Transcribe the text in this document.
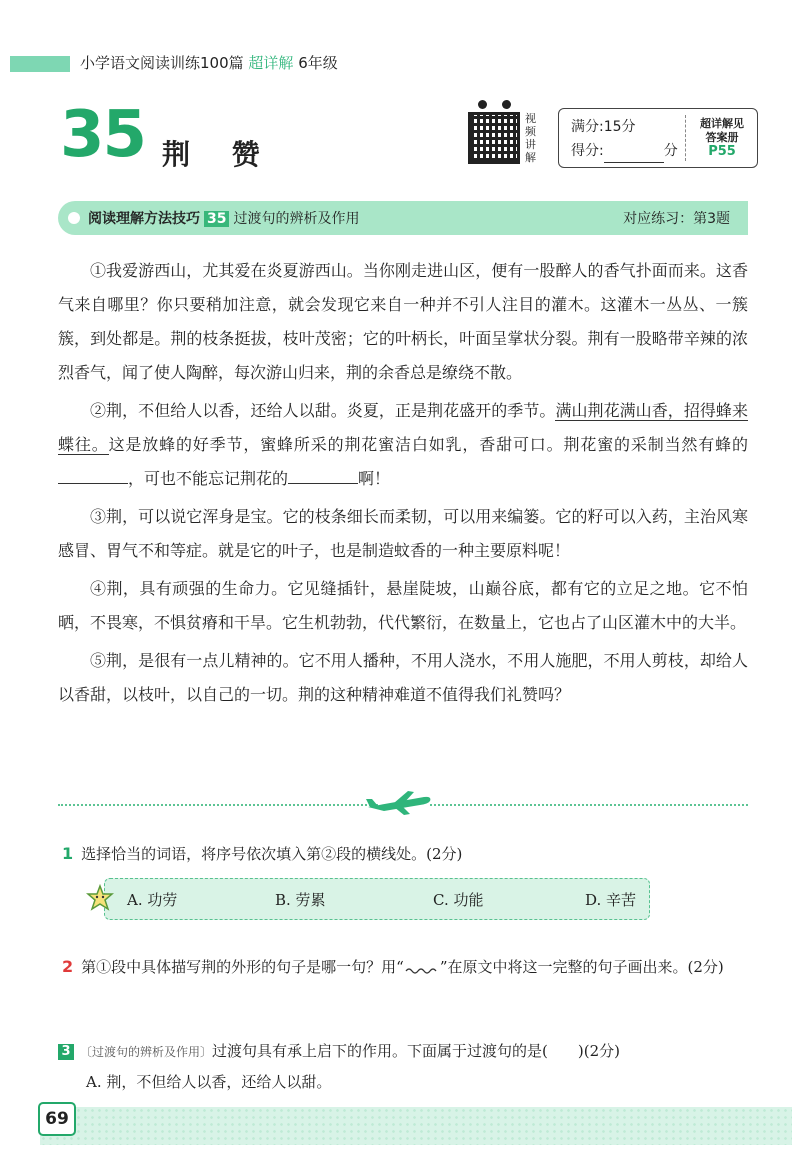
小学语文阅读训练100篇 超详解 6年级
35 荆 赞
视频讲解
满分:15分
得分:	分
超详解见
答案册
P55
阅读理解方法技巧 35 过渡句的辨析及作用	对应练习：第3题

①我爱游西山，尤其爱在炎夏游西山。当你刚走进山区，便有一股醉人的香气扑面而来。这香气来自哪里？你只要稍加注意，就会发现它来自一种并不引人注目的灌木。这灌木一丛丛、一簇簇，到处都是。荆的枝条挺拔，枝叶茂密；它的叶柄长，叶面呈掌状分裂。荆有一股略带辛辣的浓烈香气，闻了使人陶醉，每次游山归来，荆的余香总是缭绕不散。

②荆，不但给人以香，还给人以甜。炎夏，正是荆花盛开的季节。满山荆花满山香，招得蜂来蝶往。这是放蜂的好季节，蜜蜂所采的荆花蜜洁白如乳，香甜可口。荆花蜜的采制当然有蜂的，可也不能忘记荆花的	啊！

③荆，可以说它浑身是宝。它的枝条细长而柔韧，可以用来编篓。它的籽可以入药，主治风寒感冒、胃气不和等症。就是它的叶子，也是制造蚊香的一种主要原料呢！

④荆，具有顽强的生命力。它见缝插针，悬崖陡坡，山巅谷底，都有它的立足之地。它不怕晒，不畏寒，不惧贫瘠和干旱。它生机勃勃，代代繁衍，在数量上，它也占了山区灌木中的大半。

⑤荆，是很有一点儿精神的。它不用人播种，不用人浇水，不用人施肥，不用人剪枝，却给人以香甜，以枝叶，以自己的一切。荆的这种精神难道不值得我们礼赞吗？

1 选择恰当的词语，将序号依次填入第②段的横线处。(2分)
A. 功劳	B. 劳累	C. 功能	D. 辛苦
2 第①段中具体描写荆的外形的句子是哪一句？用“ ”在原文中将这一完整的句子画出来。(2分)
3 〔过渡句的辨析及作用〕过渡句具有承上启下的作用。下面属于过渡句的是(　　)(2分)
A. 荆，不但给人以香，还给人以甜。
69
